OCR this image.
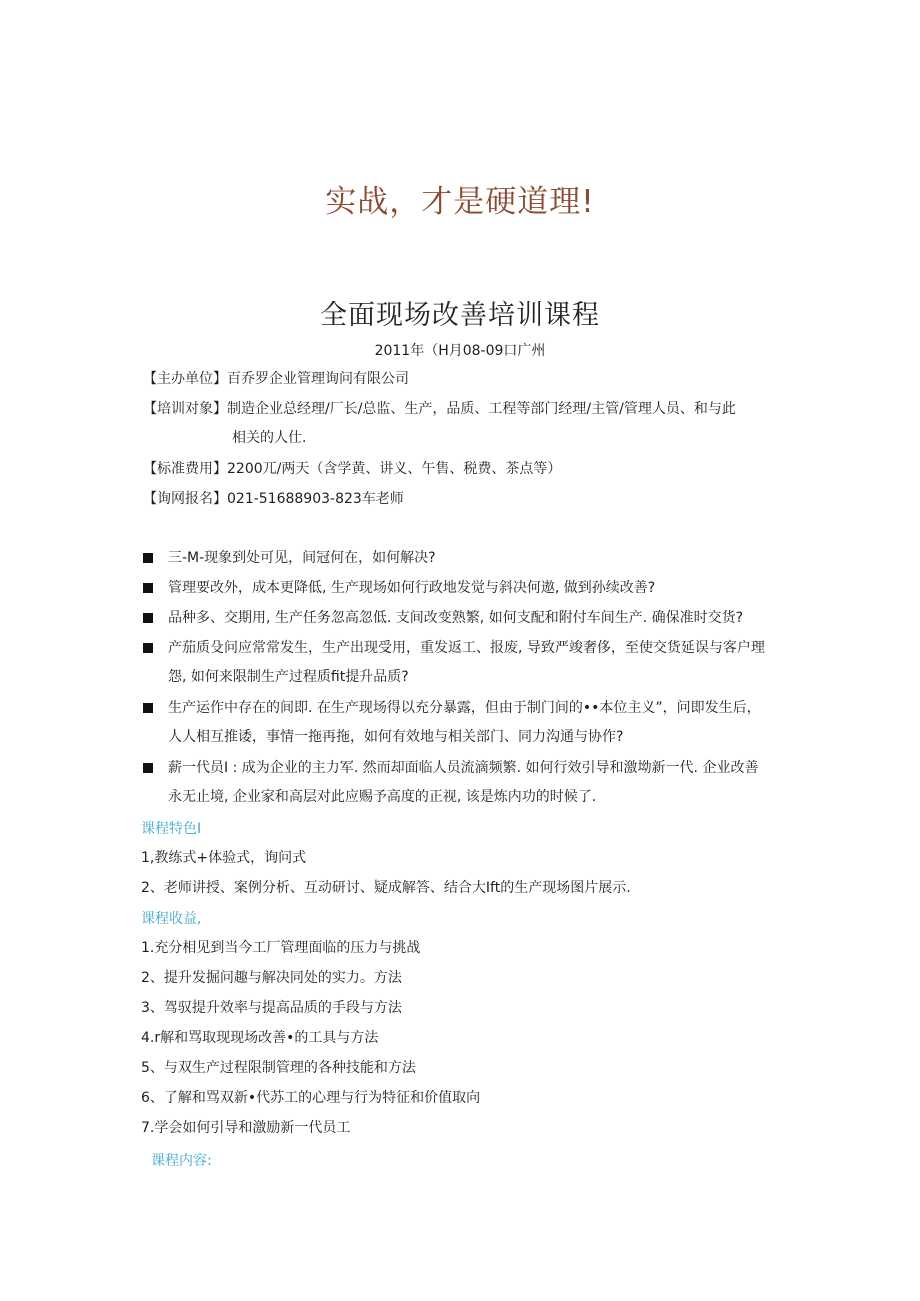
实战，才是硬道理!
全面现场改善培训课程
2011年（H月08-09口广州
【主办单位】百乔罗企业管理询问有限公司
【培训对象】制造企业总经理/厂长/总监、生产，品质、工程等部门经理/主管/管理人员、和与此
相关的人仕.
【标准费用】2200兀/两天（含学黄、讲义、午售、税费、茶点等）
【询网报名】021-51688903-823车老师
三-M-现象到处可见，间冠何在，如何解决?
管理要改外，成本更降低, 生产现场如何行政地发觉与斜决何遨, 做到孙续改善?
品种多、交期用, 生产任务忽高忽低. 支间改变熟繁, 如何支配和附付车间生产. 确保准时交货?
产茄质殳问应常常发生，生产出现受用，重发返工、报废, 导致严竣奢侈，至使交货延误与客户理
怨, 如何来限制生产过程质fit提升品质?
生产运作中存在的间即. 在生产现场得以充分暴露，但由于制门间的••本位主义”，问即发生后，
人人相互推诿，事情一拖再拖，如何有效地与相关部门、同力沟通与协作?
薪一代员I : 成为企业的主力军. 然而却面临人员流滴频繁. 如何行效引导和激坳新一代. 企业改善
永无止境, 企业家和高层对此应赐予高度的正视, 该是炼内功的时候了.
课程特色I
1,教练式+体验式，询问式
2、老师讲授、案例分析、互动研讨、疑成解答、结合大Ift的生产现场图片展示.
课程收益,
1.充分相见到当今工厂管理面临的压力与挑战
2、提升发掘问趣与解决同处的实力。方法
3、驾驭提升效率与提高品质的手段与方法
4.r解和骂取现现场改善•的工具与方法
5、与双生产过程限制管理的各种技能和方法
6、了解和骂双新•代苏工的心理与行为特征和价值取向
7.学会如何引导和激励新一代员工
课程内容:
